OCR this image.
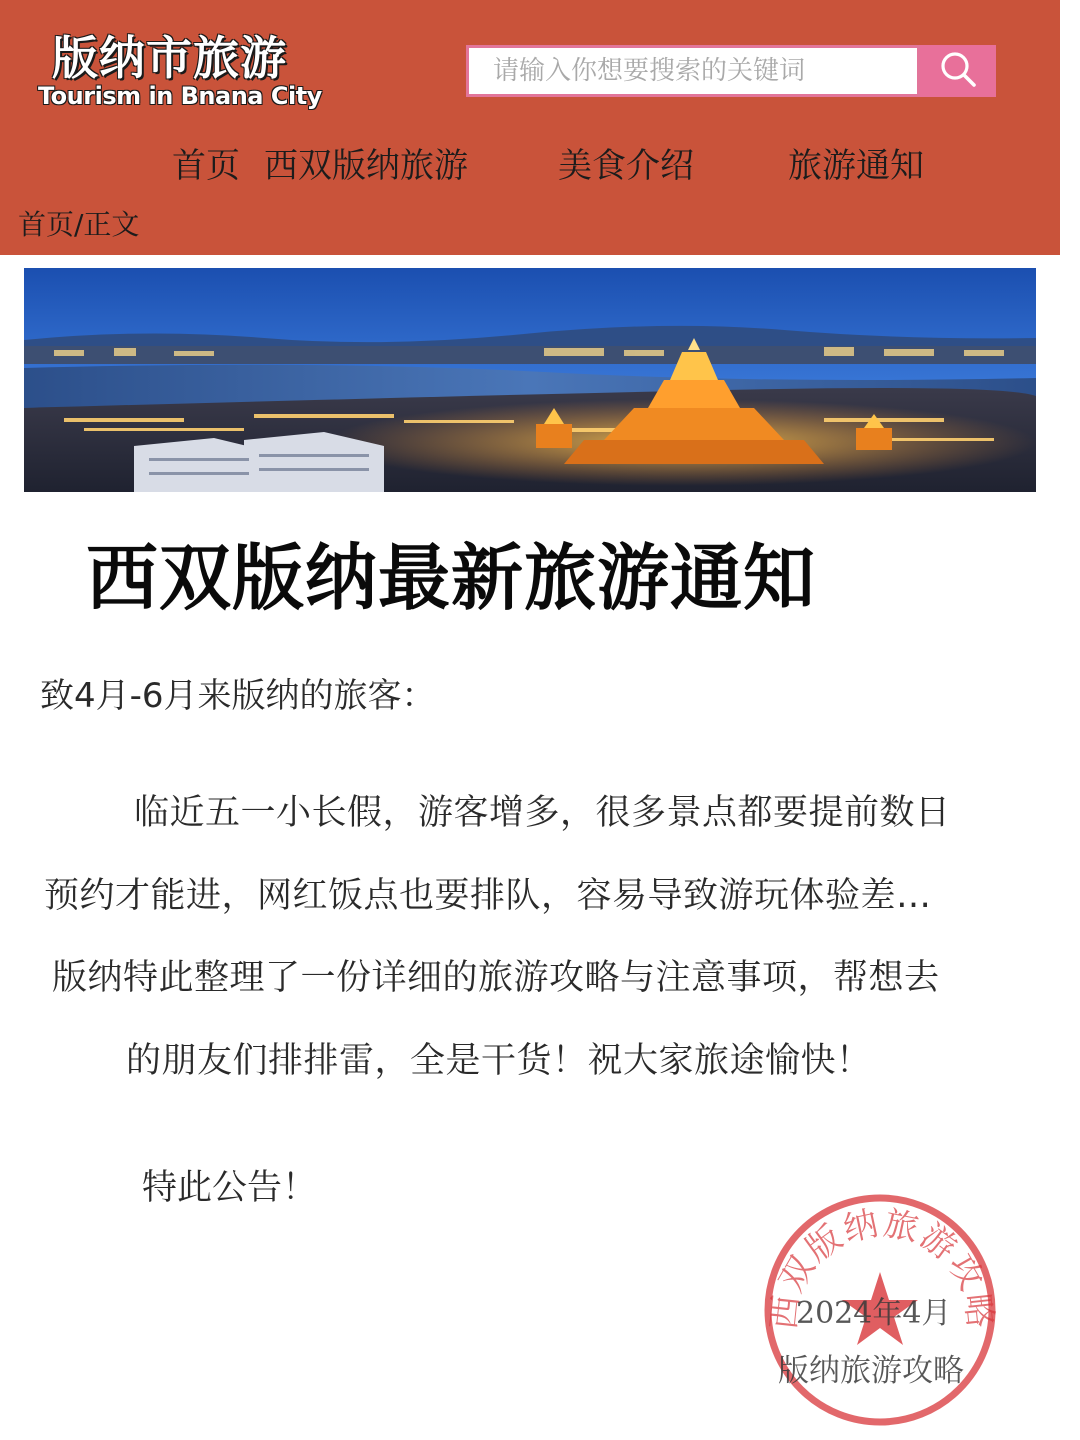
版纳市旅游
Tourism in Bnana City
请输入你想要搜索的关键词
首页 西双版纳旅游	美食介绍	旅游通知
首页/正文
西双版纳最新旅游通知
致4月-6月来版纳的旅客：
临近五一小长假，游客增多，很多景点都要提前数日
预约才能进，网红饭点也要排队，容易导致游玩体验差…
版纳特此整理了一份详细的旅游攻略与注意事项，帮想去
的朋友们排排雷，全是干货！祝大家旅途愉快！
特此公告！
西双版纳旅游攻略
2024年4月
版纳旅游攻略
